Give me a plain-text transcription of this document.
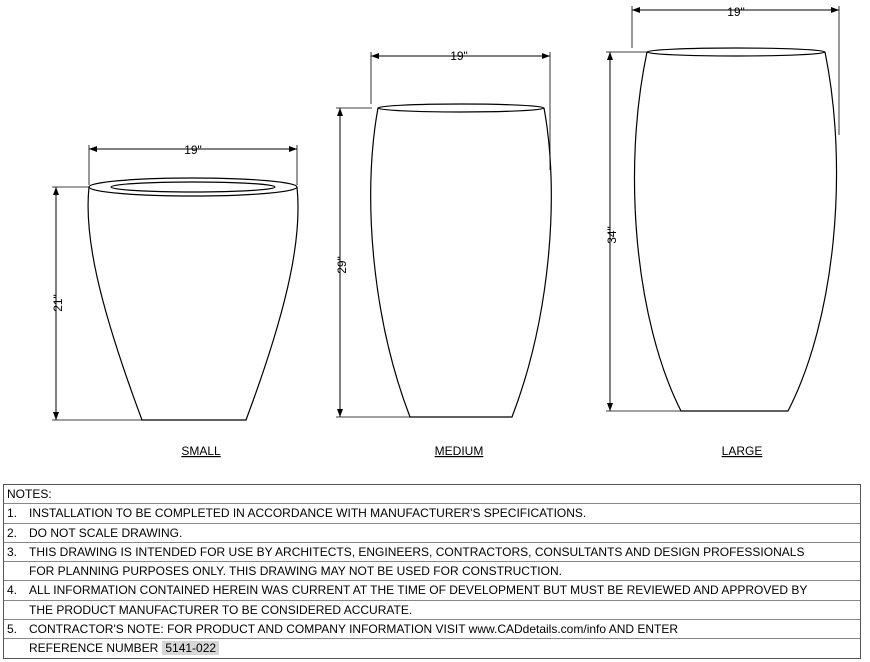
19"
21"
SMALL
19"
29"
MEDIUM
19"
34"
LARGE
NOTES:
1. INSTALLATION TO BE COMPLETED IN ACCORDANCE WITH MANUFACTURER'S SPECIFICATIONS.
2. DO NOT SCALE DRAWING.
3. THIS DRAWING IS INTENDED FOR USE BY ARCHITECTS, ENGINEERS, CONTRACTORS, CONSULTANTS AND DESIGN PROFESSIONALS
FOR PLANNING PURPOSES ONLY. THIS DRAWING MAY NOT BE USED FOR CONSTRUCTION.
4. ALL INFORMATION CONTAINED HEREIN WAS CURRENT AT THE TIME OF DEVELOPMENT BUT MUST BE REVIEWED AND APPROVED BY
THE PRODUCT MANUFACTURER TO BE CONSIDERED ACCURATE.
5. CONTRACTOR'S NOTE: FOR PRODUCT AND COMPANY INFORMATION VISIT www.CADdetails.com/info AND ENTER
REFERENCE NUMBER 5141-022
